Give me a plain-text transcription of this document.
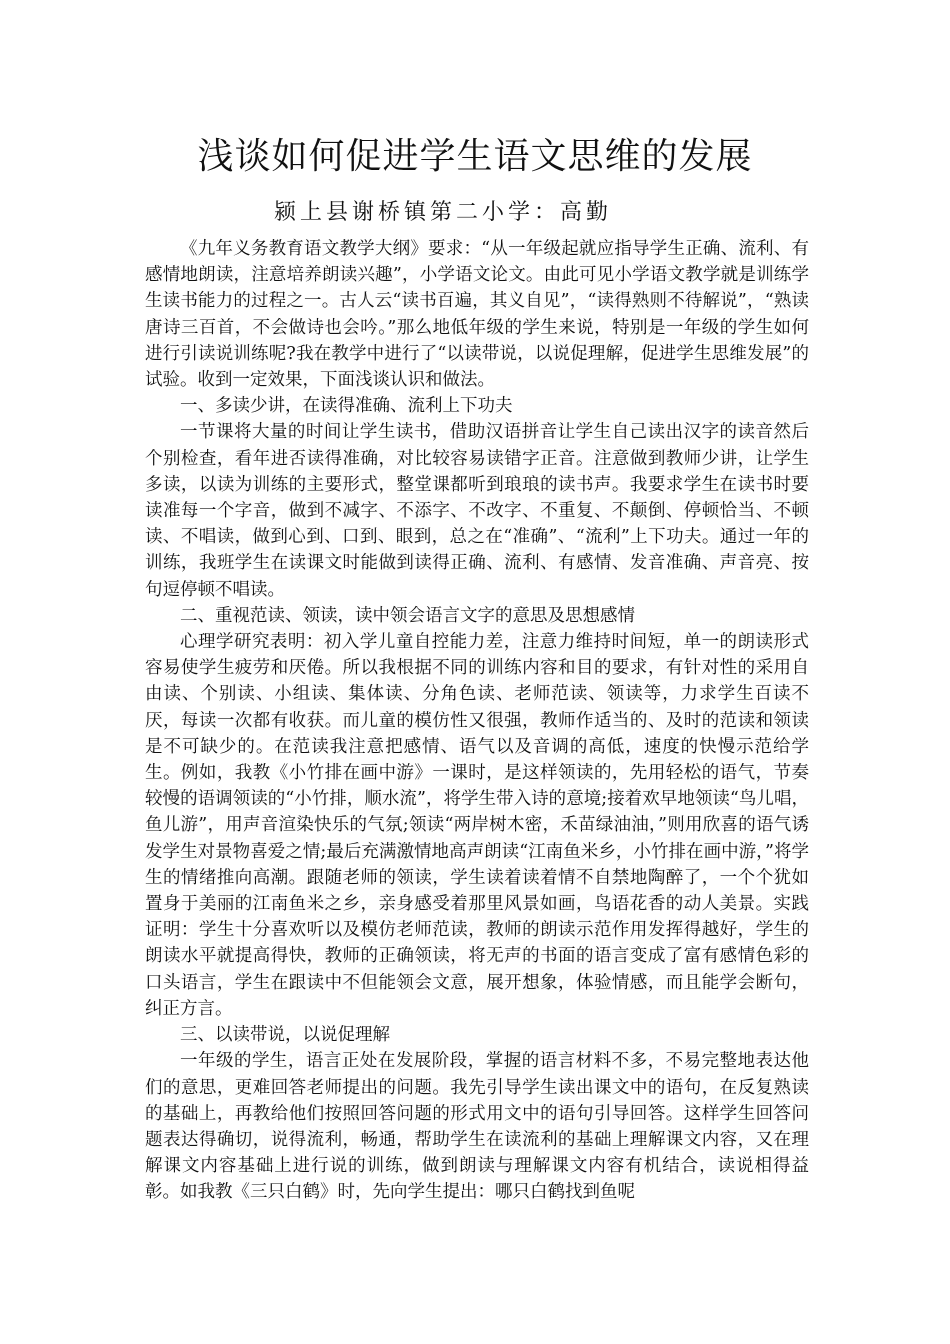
浅谈如何促进学生语文思维的发展
颍上县谢桥镇第二小学：高勤

《九年义务教育语文教学大纲》要求：“从一年级起就应指导学生正确、流利、有感情地朗读，注意培养朗读兴趣”，小学语文论文。由此可见小学语文教学就是训练学生读书能力的过程之一。古人云“读书百遍，其义自见”，“读得熟则不待解说”，“熟读唐诗三百首，不会做诗也会吟。”那么地低年级的学生来说，特别是一年级的学生如何进行引读说训练呢?我在教学中进行了“以读带说，以说促理解，促进学生思维发展”的试验。收到一定效果，下面浅谈认识和做法。

一、多读少讲，在读得准确、流利上下功夫

一节课将大量的时间让学生读书，借助汉语拼音让学生自己读出汉字的读音然后个别检查，看年进否读得准确，对比较容易读错字正音。注意做到教师少讲，让学生多读，以读为训练的主要形式，整堂课都听到琅琅的读书声。我要求学生在读书时要读准每一个字音，做到不减字、不添字、不改字、不重复、不颠倒、停顿恰当、不顿读、不唱读，做到心到、口到、眼到，总之在“准确”、“流利”上下功夫。通过一年的训练，我班学生在读课文时能做到读得正确、流利、有感情、发音准确、声音亮、按句逗停顿不唱读。

二、重视范读、领读，读中领会语言文字的意思及思想感情

心理学研究表明：初入学儿童自控能力差，注意力维持时间短，单一的朗读形式容易使学生疲劳和厌倦。所以我根据不同的训练内容和目的要求，有针对性的采用自由读、个别读、小组读、集体读、分角色读、老师范读、领读等，力求学生百读不厌，每读一次都有收获。而儿童的模仿性又很强，教师作适当的、及时的范读和领读是不可缺少的。在范读我注意把感情、语气以及音调的高低，速度的快慢示范给学生。例如，我教《小竹排在画中游》一课时，是这样领读的，先用轻松的语气，节奏较慢的语调领读的“小竹排，顺水流”，将学生带入诗的意境;接着欢早地领读“鸟儿唱，鱼儿游”，用声音渲染快乐的气氛;领读“两岸树木密，禾苗绿油油，”则用欣喜的语气诱发学生对景物喜爱之情;最后充满激情地高声朗读“江南鱼米乡，小竹排在画中游，”将学生的情绪推向高潮。跟随老师的领读，学生读着读着情不自禁地陶醉了，一个个犹如置身于美丽的江南鱼米之乡，亲身感受着那里风景如画，鸟语花香的动人美景。实践证明：学生十分喜欢听以及模仿老师范读，教师的朗读示范作用发挥得越好，学生的朗读水平就提高得快，教师的正确领读，将无声的书面的语言变成了富有感情色彩的口头语言，学生在跟读中不但能领会文意，展开想象，体验情感，而且能学会断句，纠正方言。

三、以读带说，以说促理解

一年级的学生，语言正处在发展阶段，掌握的语言材料不多，不易完整地表达他们的意思，更难回答老师提出的问题。我先引导学生读出课文中的语句，在反复熟读的基础上，再教给他们按照回答问题的形式用文中的语句引导回答。这样学生回答问题表达得确切，说得流利，畅通，帮助学生在读流利的基础上理解课文内容，又在理解课文内容基础上进行说的训练，做到朗读与理解课文内容有机结合，读说相得益彰。如我教《三只白鹤》时，先向学生提出：哪只白鹤找到鱼呢
